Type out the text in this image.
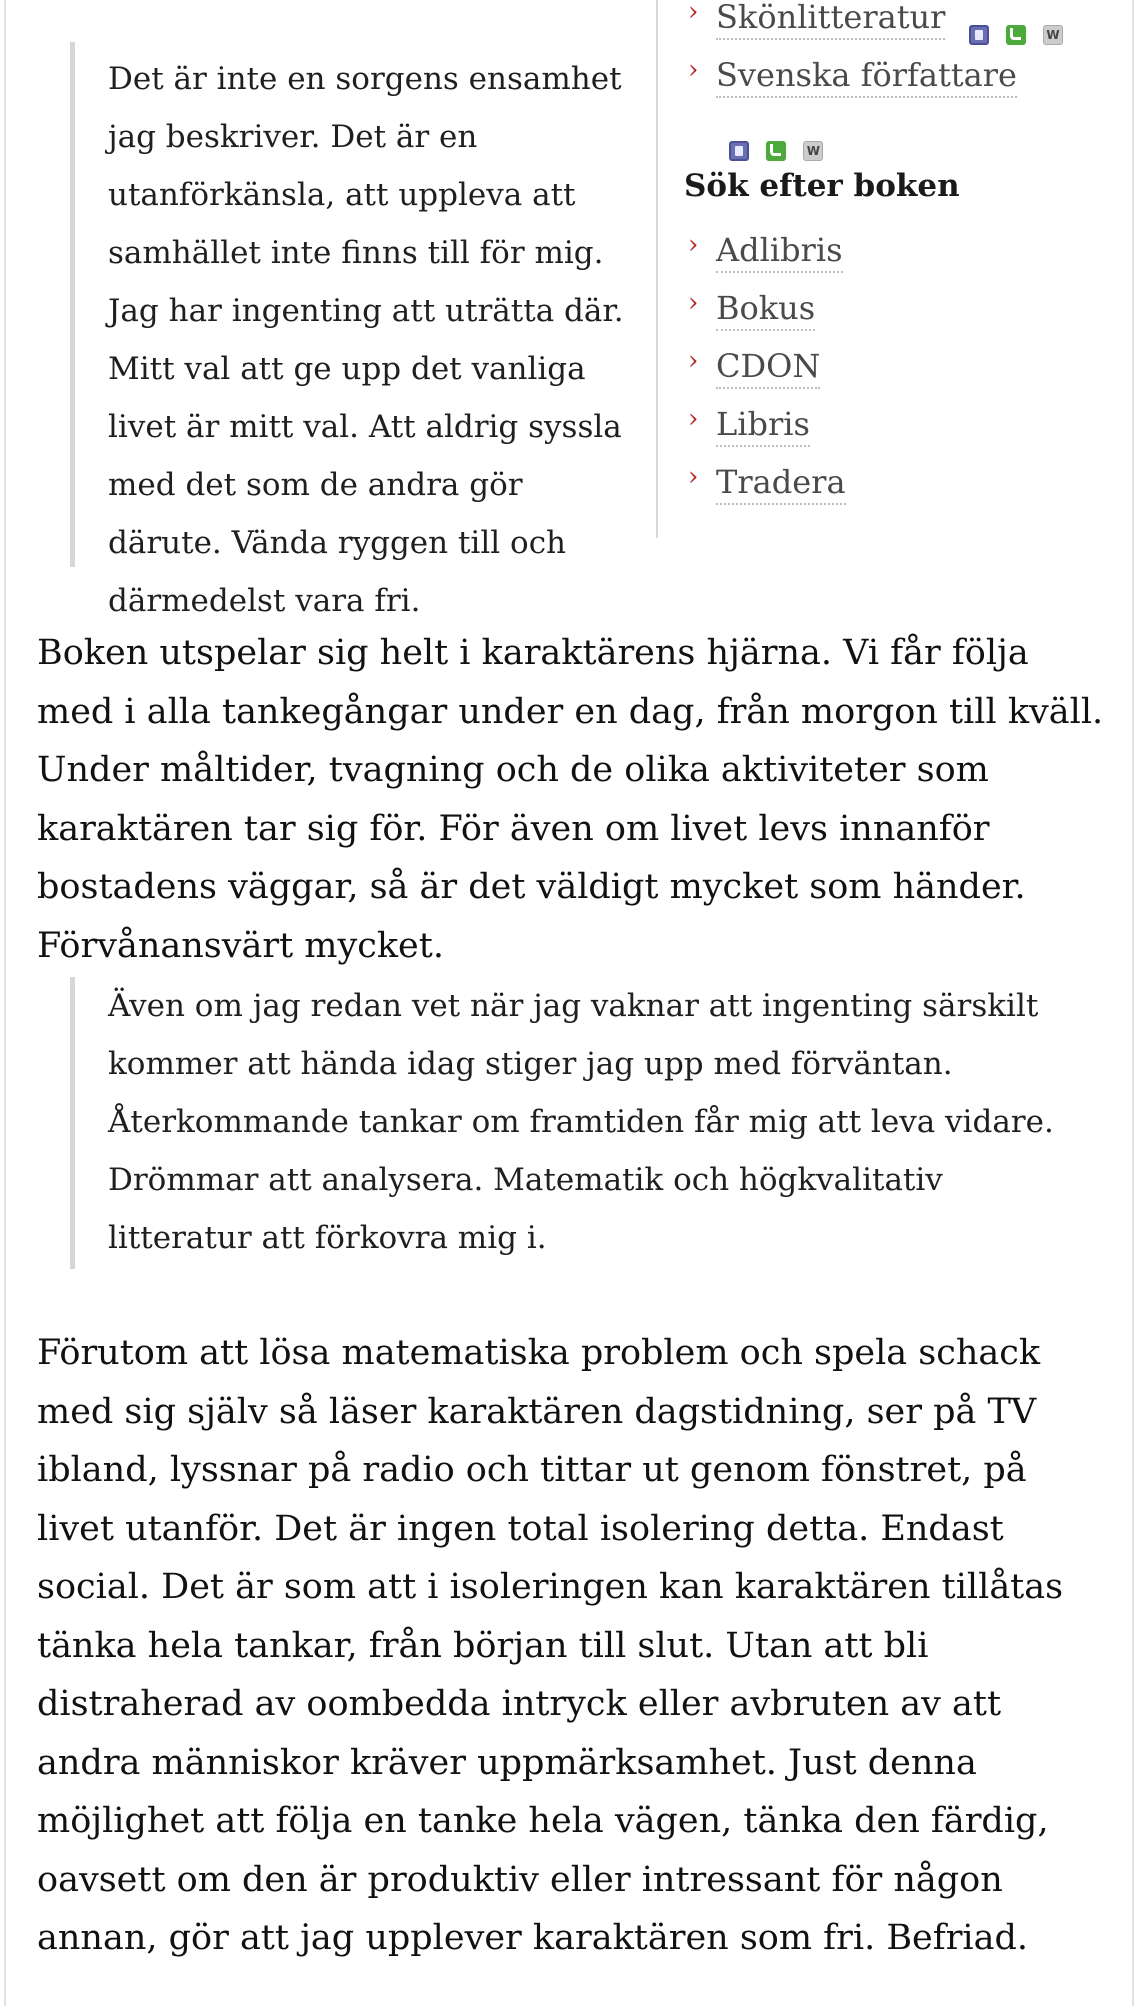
Det är inte en sorgens ensamhet jag beskriver. Det är en utanförkänsla, att uppleva att samhället inte finns till för mig. Jag har ingenting att uträtta där. Mitt val att ge upp det vanliga livet är mitt val. Att aldrig syssla med det som de andra gör därute. Vända ryggen till och därmedelst vara fri.

› Skönlitteratur	W
› Svenska författare   W
Sök efter boken
› Adlibris
› Bokus
› CDON
› Libris
› Tradera

Boken utspelar sig helt i karaktärens hjärna. Vi får följa med i alla tankegångar under en dag, från morgon till kväll. Under måltider, tvagning och de olika aktiviteter som karaktären tar sig för. För även om livet levs innanför bostadens väggar, så är det väldigt mycket som händer. Förvånansvärt mycket.

Även om jag redan vet när jag vaknar att ingenting särskilt kommer att hända idag stiger jag upp med förväntan. Återkommande tankar om framtiden får mig att leva vidare. Drömmar att analysera. Matematik och högkvalitativ litteratur att förkovra mig i.

Förutom att lösa matematiska problem och spela schack med sig själv så läser karaktären dagstidning, ser på TV ibland, lyssnar på radio och tittar ut genom fönstret, på livet utanför. Det är ingen total isolering detta. Endast social. Det är som att i isoleringen kan karaktären tillåtas tänka hela tankar, från början till slut. Utan att bli distraherad av oombedda intryck eller avbruten av att andra människor kräver uppmärksamhet. Just denna möjlighet att följa en tanke hela vägen, tänka den färdig, oavsett om den är produktiv eller intressant för någon annan, gör att jag upplever karaktären som fri. Befriad.
